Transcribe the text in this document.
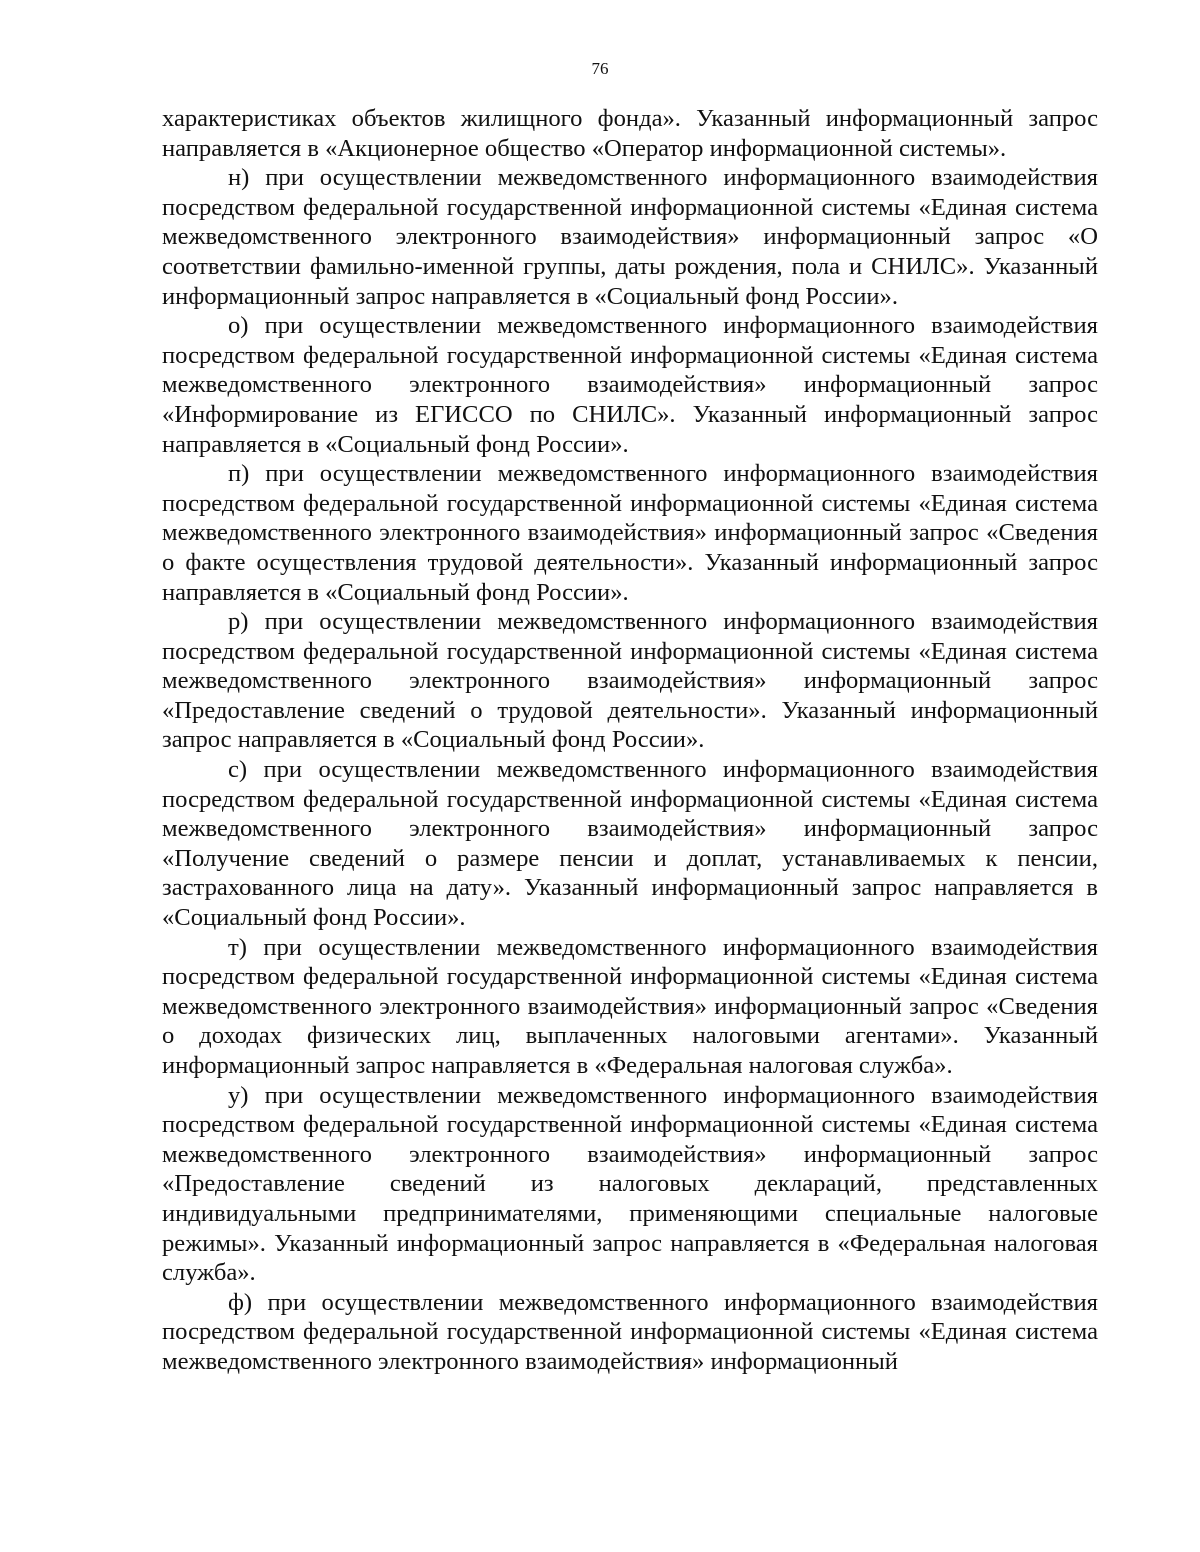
76

характеристиках объектов жилищного фонда». Указанный информационный запрос направляется в «Акционерное общество «Оператор информационной системы».

н) при осуществлении межведомственного информационного взаимодействия посредством федеральной государственной информационной системы «Единая система межведомственного электронного взаимодействия» информационный запрос «О соответствии фамильно-именной группы, даты рождения, пола и СНИЛС». Указанный информационный запрос направляется в «Социальный фонд России».

о) при осуществлении межведомственного информационного взаимодействия посредством федеральной государственной информационной системы «Единая система межведомственного электронного взаимодействия» информационный запрос «Информирование из ЕГИССО по СНИЛС». Указанный информационный запрос направляется в «Социальный фонд России».

п) при осуществлении межведомственного информационного взаимодействия посредством федеральной государственной информационной системы «Единая система межведомственного электронного взаимодействия» информационный запрос «Сведения о факте осуществления трудовой деятельности». Указанный информационный запрос направляется в «Социальный фонд России».

р) при осуществлении межведомственного информационного взаимодействия посредством федеральной государственной информационной системы «Единая система межведомственного электронного взаимодействия» информационный запрос «Предоставление сведений о трудовой деятельности». Указанный информационный запрос направляется в «Социальный фонд России».

с) при осуществлении межведомственного информационного взаимодействия посредством федеральной государственной информационной системы «Единая система межведомственного электронного взаимодействия» информационный запрос «Получение сведений о размере пенсии и доплат, устанавливаемых к пенсии, застрахованного лица на дату». Указанный информационный запрос направляется в «Социальный фонд России».

т) при осуществлении межведомственного информационного взаимодействия посредством федеральной государственной информационной системы «Единая система межведомственного электронного взаимодействия» информационный запрос «Сведения о доходах физических лиц, выплаченных налоговыми агентами». Указанный информационный запрос направляется в «Федеральная налоговая служба».

у) при осуществлении межведомственного информационного взаимодействия посредством федеральной государственной информационной системы «Единая система межведомственного электронного взаимодействия» информационный запрос «Предоставление сведений из налоговых деклараций, представленных индивидуальными предпринимателями, применяющими специальные налоговые режимы». Указанный информационный запрос направляется в «Федеральная налоговая служба».

ф) при осуществлении межведомственного информационного взаимодействия посредством федеральной государственной информационной системы «Единая система межведомственного электронного взаимодействия» информационный
